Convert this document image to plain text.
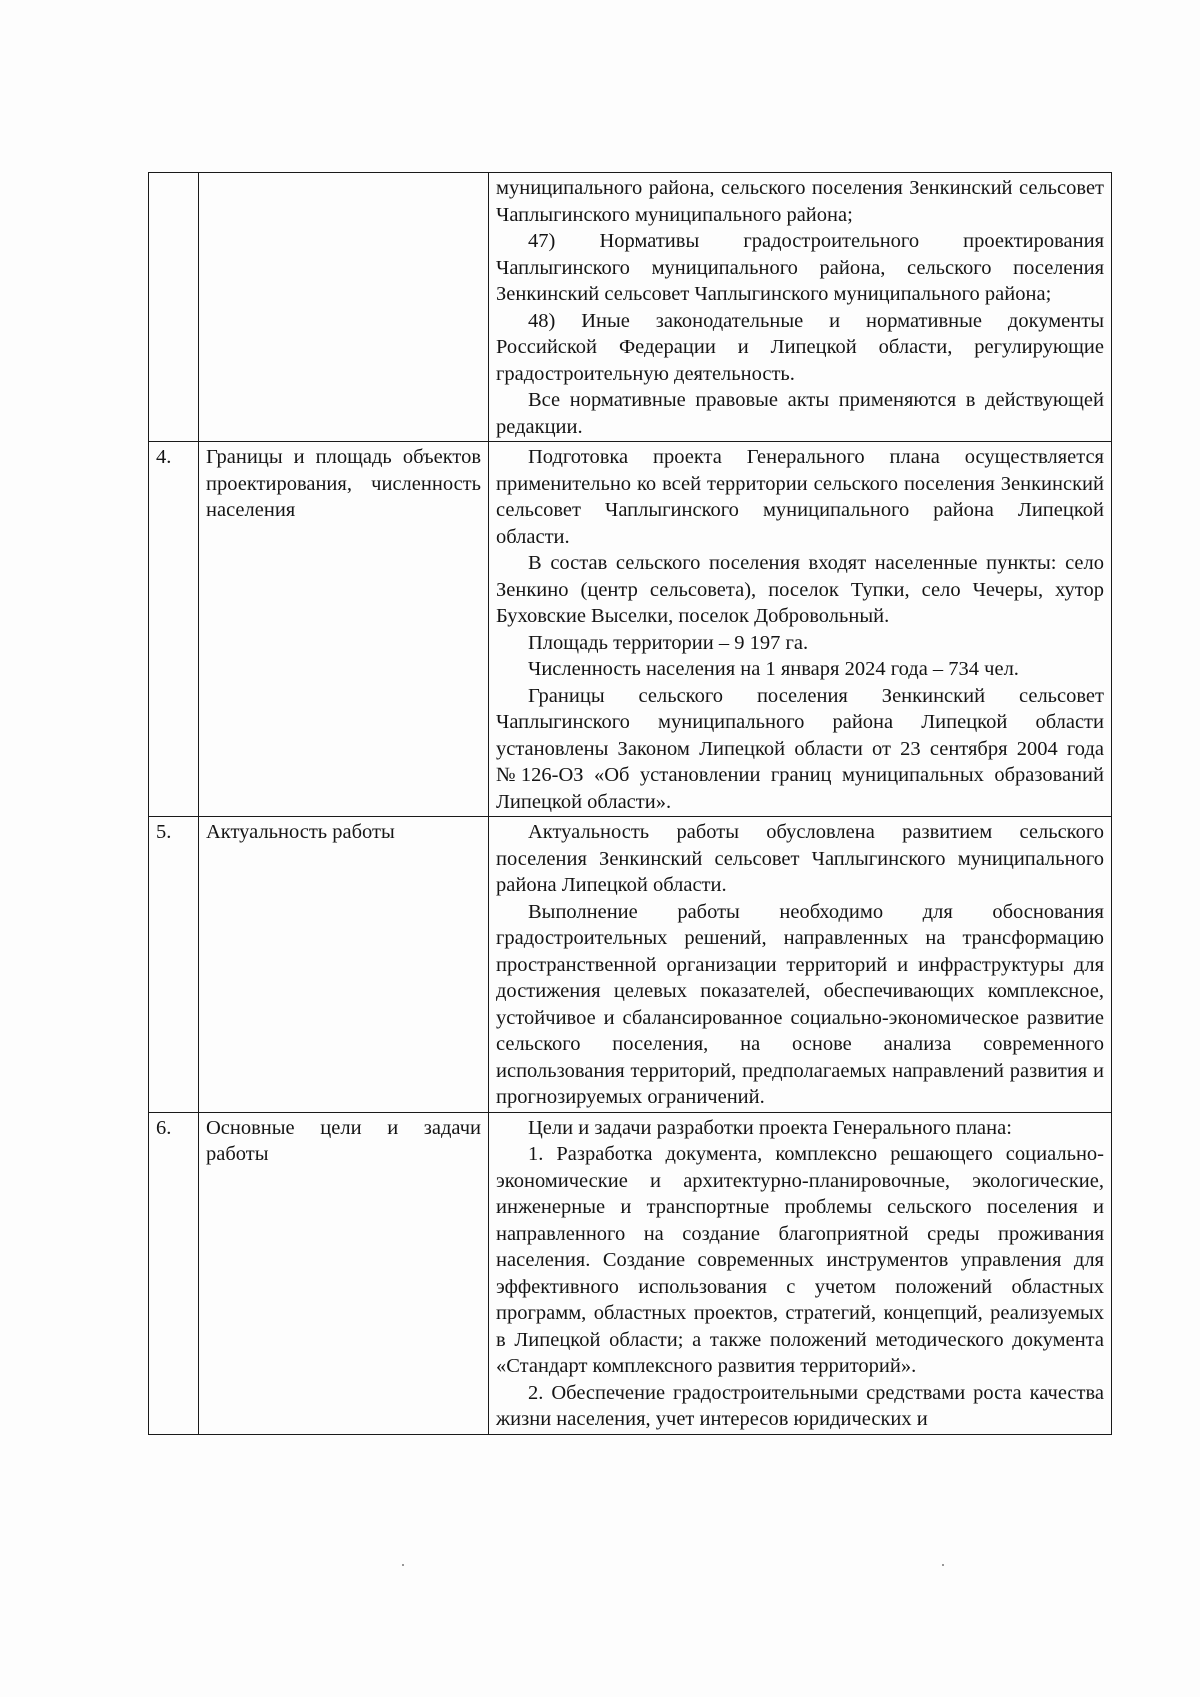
		муниципального района, сельского поселения Зенкинский сельсовет Чаплыгинского муниципального района;

47) Нормативы градостроительного проектирования Чаплыгинского муниципального района, сельского поселения Зенкинский сельсовет Чаплыгинского муниципального района;

48) Иные законодательные и нормативные документы Российской Федерации и Липецкой области, регулирующие градостроительную деятельность.

Все нормативные правовые акты применяются в действующей редакции.

4.	Границы и площадь объектов проектирования, численность населения	Подготовка проекта Генерального плана осуществляется применительно ко всей территории сельского поселения Зенкинский сельсовет Чаплыгинского муниципального района Липецкой области.

В состав сельского поселения входят населенные пункты: село Зенкино (центр сельсовета), поселок Тупки, село Чечеры, хутор Буховские Выселки, поселок Добровольный.

Площадь территории – 9 197 га.

Численность населения на 1 января 2024 года – 734 чел.

Границы сельского поселения Зенкинский сельсовет Чаплыгинского муниципального района Липецкой области установлены Законом Липецкой области от 23 сентября 2004 года №126-ОЗ «Об установлении границ муниципальных образований Липецкой области».

5.	Актуальность работы	Актуальность работы обусловлена развитием сельского поселения Зенкинский сельсовет Чаплыгинского муниципального района Липецкой области.

Выполнение работы необходимо для обоснования градостроительных решений, направленных на трансформацию пространственной организации территорий и инфраструктуры для достижения целевых показателей, обеспечивающих комплексное, устойчивое и сбалансированное социально-экономическое развитие сельского поселения, на основе анализа современного использования территорий, предполагаемых направлений развития и прогнозируемых ограничений.

6.	Основные цели и задачи работы	Цели и задачи разработки проекта Генерального плана:

1. Разработка документа, комплексно решающего социально-экономические и архитектурно-планировочные, экологические, инженерные и транспортные проблемы сельского поселения и направленного на создание благоприятной среды проживания населения. Создание современных инструментов управления для эффективного использования с учетом положений областных программ, областных проектов, стратегий, концепций, реализуемых в Липецкой области; а также положений методического документа «Стандарт комплексного развития территорий».

2. Обеспечение градостроительными средствами роста качества жизни населения, учет интересов юридических и
